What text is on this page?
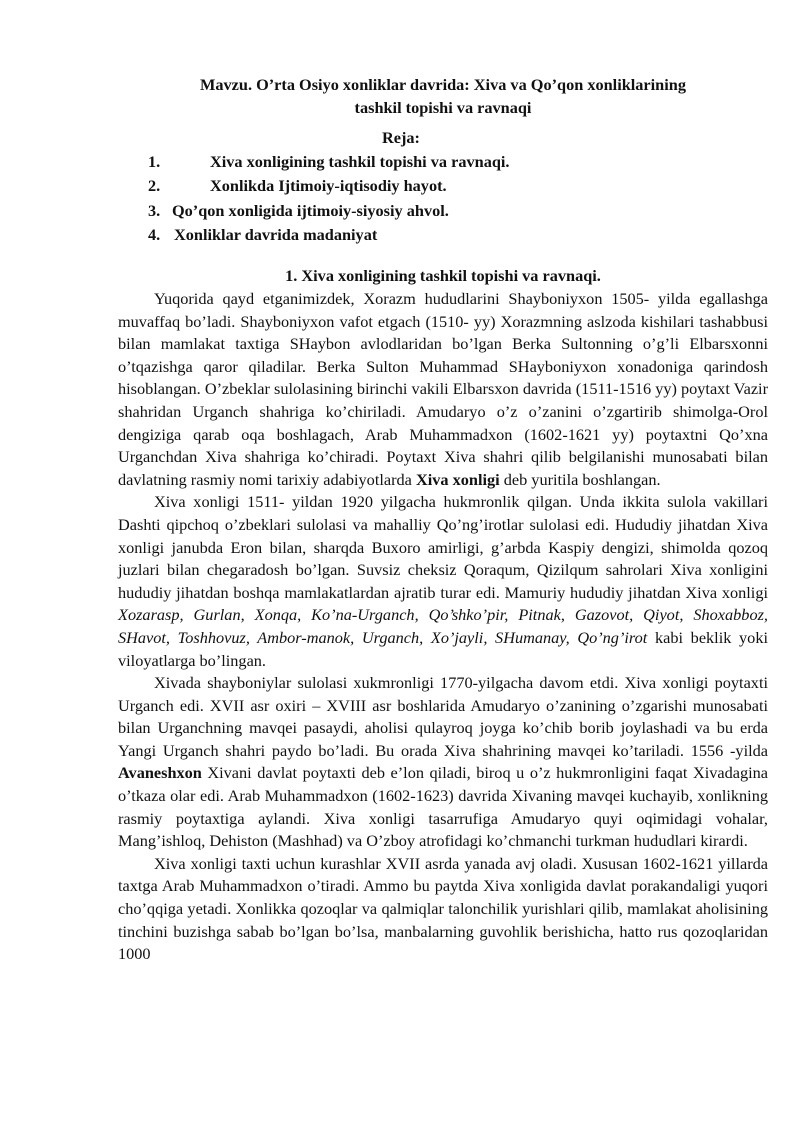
Mavzu. O’rta Osiyo xonliklar davrida: Xiva va Qo’qon xonliklarining
tashkil topishi va ravnaqi
Reja:
1.	Xiva xonligining tashkil topishi va ravnaqi.
2.	Xonlikda Ijtimoiy-iqtisodiy hayot.
3. Qo’qon xonligida ijtimoiy-siyosiy ahvol.
4. Xonliklar davrida madaniyat
1. Xiva xonligining tashkil topishi va ravnaqi.

Yuqorida qayd etganimizdek, Xorazm hududlarini Shayboniyxon 1505- yilda egallashga muvaffaq bo’ladi. Shayboniyxon vafot etgach (1510- yy) Xorazmning aslzoda kishilari tashabbusi bilan mamlakat taxtiga SHaybon avlodlaridan bo’lgan Berka Sultonning o’g’li Elbarsxonni o’tqazishga qaror qiladilar. Berka Sulton Muhammad SHayboniyxon xonadoniga qarindosh hisoblangan. O’zbeklar sulolasining birinchi vakili Elbarsxon davrida (1511-1516 yy) poytaxt Vazir shahridan Urganch shahriga ko’chiriladi. Amudaryo o’z o’zanini o’zgartirib shimolga-Orol dengiziga qarab oqa boshlagach, Arab Muhammadxon (1602-1621 yy) poytaxtni Qo’xna Urganchdan Xiva shahriga ko’chiradi. Poytaxt Xiva shahri qilib belgilanishi munosabati bilan davlatning rasmiy nomi tarixiy adabiyotlarda Xiva xonligi deb yuritila boshlangan.

Xiva xonligi 1511- yildan 1920 yilgacha hukmronlik qilgan. Unda ikkita sulola vakillari Dashti qipchoq o’zbeklari sulolasi va mahalliy Qo’ng’irotlar sulolasi edi. Hududiy jihatdan Xiva xonligi janubda Eron bilan, sharqda Buxoro amirligi, g’arbda Kaspiy dengizi, shimolda qozoq juzlari bilan chegaradosh bo’lgan. Suvsiz cheksiz Qoraqum, Qizilqum sahrolari Xiva xonligini hududiy jihatdan boshqa mamlakatlardan ajratib turar edi. Mamuriy hududiy jihatdan Xiva xonligi Xozarasp, Gurlan, Xonqa, Ko’na-Urganch, Qo’shko’pir, Pitnak, Gazovot, Qiyot, Shoxabboz, SHavot, Toshhovuz, Ambor-manok, Urganch, Xo’jayli, SHumanay, Qo’ng’irot kabi beklik yoki viloyatlarga bo’lingan.

Xivada shayboniylar sulolasi xukmronligi 1770-yilgacha davom etdi. Xiva xonligi poytaxti Urganch edi. XVII asr oxiri – XVIII asr boshlarida Amudaryo o’zanining o’zgarishi munosabati bilan Urganchning mavqei pasaydi, aholisi qulayroq joyga ko’chib borib joylashadi va bu erda Yangi Urganch shahri paydo bo’ladi. Bu orada Xiva shahrining mavqei ko’tariladi. 1556 -yilda Avaneshxon Xivani davlat poytaxti deb e’lon qiladi, biroq u o’z hukmronligini faqat Xivadagina o’tkaza olar edi. Arab Muhammadxon (1602-1623) davrida Xivaning mavqei kuchayib, xonlikning rasmiy poytaxtiga aylandi. Xiva xonligi tasarrufiga Amudaryo quyi oqimidagi vohalar, Mang’ishloq, Dehiston (Mashhad) va O’zboy atrofidagi ko’chmanchi turkman hududlari kirardi.

Xiva xonligi taxti uchun kurashlar XVII asrda yanada avj oladi. Xususan 1602-1621 yillarda taxtga Arab Muhammadxon o’tiradi. Ammo bu paytda Xiva xonligida davlat porakandaligi yuqori cho’qqiga yetadi. Xonlikka qozoqlar va qalmiqlar talonchilik yurishlari qilib, mamlakat aholisining tinchini buzishga sabab bo’lgan bo’lsa, manbalarning guvohlik berishicha, hatto rus qozoqlaridan 1000
